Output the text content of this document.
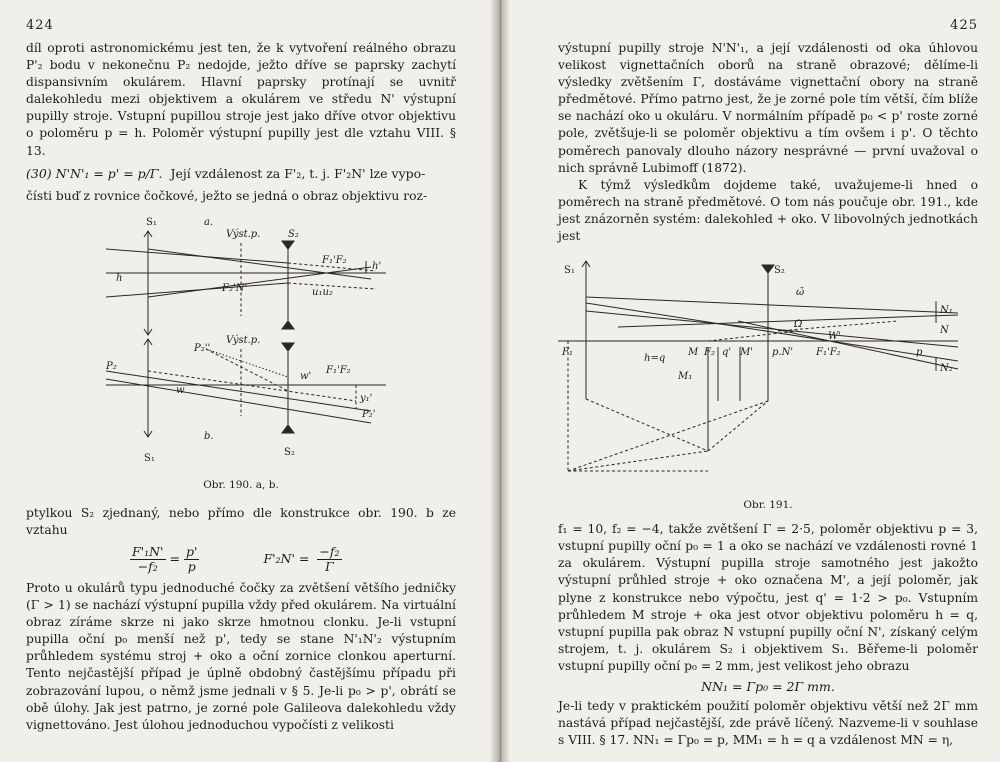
424

díl oproti astronomickému jest ten, že k vytvoření reálného obrazu P'₂ bodu v nekonečnu P₂ nedojde, ježto dříve se paprsky zachytí dispansivním okulárem. Hlavní paprsky protínají se uvnitř dalekohledu mezi objektivem a okulárem ve středu N' výstupní pupilly stroje. Vstupní pupillou stroje jest jako dříve otvor objektivu o poloměru p = h. Poloměr výstupní pupilly jest dle vztahu VIII. § 13.

(30) N'N'₁ = p' = p/Γ. Její vzdálenost za F'₂, t. j. F'₂N' lze vypo-

čísti buď z rovnice čočkové, ježto se jedná o obraz objektivu roz-

a.
S₁
Výst.p.	S₂
h
h'
F₁'F₂
F₂'N'	u₁u₂
Výst.p.
P₂
P₂''
P₂'
w
w'
F₁'F₂
y₁'
b.
S₁
S₂
Obr. 190. a, b.

ptylkou S₂ zjednaný, nebo přímo dle konstrukce obr. 190. b ze vztahu

$\frac{\text{F'₁N'}}{\text{−f₂}} = \frac{p'}{p}$	$F'_2N' = \frac{\text{−f₂}}{\Gamma}$

Proto u okulárů typu jednoduché čočky za zvětšení většího jedničky (Γ > 1) se nachází výstupní pupilla vždy před okulárem. Na virtuální obraz zíráme skrze ni jako skrze hmotnou clonku. Je-li vstupní pupilla oční p₀ menší než p', tedy se stane N'₁N'₂ výstupním průhledem systému stroj + oko a oční zornice clonkou aperturní. Tento nejčastější případ je úplně obdobný častějšímu případu při zobrazování lupou, o němž jsme jednali v § 5. Je-li p₀ > p', obrátí se obě úlohy. Jak jest patrno, je zorné pole Galileova dalekohledu vždy vignettováno. Jest úlohou jednoduchou vypočísti z velikosti

425

výstupní pupilly stroje N'N'₁, a její vzdálenosti od oka úhlovou velikost vignettačních oborů na straně obrazové; dělíme-li výsledky zvětšením Γ, dostáváme vignettační obory na straně předmětové. Přímo patrno jest, že je zorné pole tím větší, čím blíže se nachází oko u okuláru. V normálním případě p₀ < p' roste zorné pole, zvětšuje-li se poloměr objektivu a tím ovšem i p'. O těchto poměrech panovaly dlouho názory nesprávné — první uvažoval o nich správně Lubimoff (1872).

K týmž výsledkům dojdeme také, uvažujeme-li hned o poměrech na straně předmětové. O tom nás poučuje obr. 191., kde jest znázorněn systém: dalekohled + oko. V libovolných jednotkách jest

S₁	S₂
ω̄
Ω
W'
N₁
N
N₂
p
F₁
h=q
M F₂ q' M' p.N' F₁'F₂
M₁
Obr. 191.

f₁ = 10, f₂ = −4, takže zvětšení Γ = 2·5, poloměr objektivu p = 3, vstupní pupilly oční p₀ = 1 a oko se nachází ve vzdálenosti rovné 1 za okulárem. Výstupní pupilla stroje samotného jest jakožto výstupní průhled stroje + oko označena M', a její poloměr, jak plyne z konstrukce nebo výpočtu, jest q' = 1·2 > p₀. Vstupním průhledem M stroje + oka jest otvor objektivu poloměru h = q, vstupní pupilla pak obraz N vstupní pupilly oční N', získaný celým strojem, t. j. okulárem S₂ i objektivem S₁. Běřeme-li poloměr vstupní pupilly oční p₀ = 2 mm, jest velikost jeho obrazu

NN₁ = Γp₀ = 2Γ mm.

Je-li tedy v praktickém použití poloměr objektivu větší než 2Γ mm nastává případ nejčastější, zde právě líčený. Nazveme-li v souhlase s VIII. § 17. NN₁ = Γp₀ = p, MM₁ = h = q a vzdálenost MN = η,
